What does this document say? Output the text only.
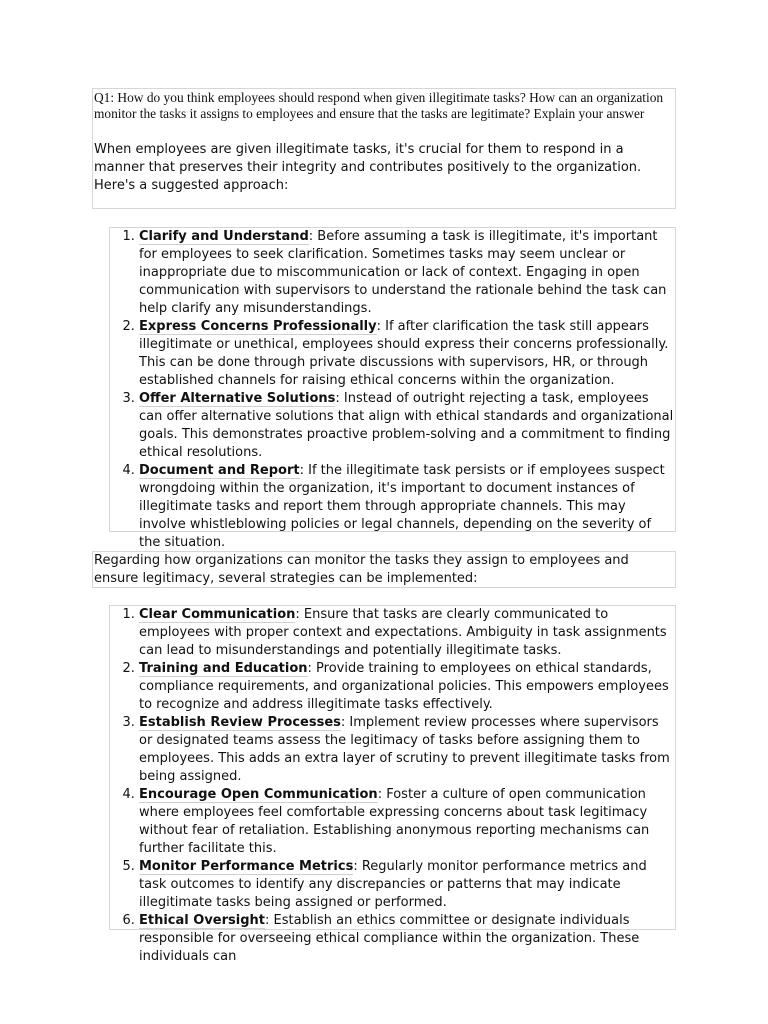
Q1: How do you think employees should respond when given illegitimate tasks? How can an organization monitor the tasks it assigns to employees and ensure that the tasks are legitimate? Explain your answer
When employees are given illegitimate tasks, it's crucial for them to respond in a manner that preserves their integrity and contributes positively to the organization. Here's a suggested approach:
1. Clarify and Understand: Before assuming a task is illegitimate, it's important for employees to seek clarification. Sometimes tasks may seem unclear or inappropriate due to miscommunication or lack of context. Engaging in open communication with supervisors to understand the rationale behind the task can help clarify any misunderstandings.
2. Express Concerns Professionally: If after clarification the task still appears illegitimate or unethical, employees should express their concerns professionally. This can be done through private discussions with supervisors, HR, or through established channels for raising ethical concerns within the organization.
3. Offer Alternative Solutions: Instead of outright rejecting a task, employees can offer alternative solutions that align with ethical standards and organizational goals. This demonstrates proactive problem-solving and a commitment to finding ethical resolutions.
4. Document and Report: If the illegitimate task persists or if employees suspect wrongdoing within the organization, it's important to document instances of illegitimate tasks and report them through appropriate channels. This may involve whistleblowing policies or legal channels, depending on the severity of the situation.
Regarding how organizations can monitor the tasks they assign to employees and ensure legitimacy, several strategies can be implemented:
1. Clear Communication: Ensure that tasks are clearly communicated to employees with proper context and expectations. Ambiguity in task assignments can lead to misunderstandings and potentially illegitimate tasks.
2. Training and Education: Provide training to employees on ethical standards, compliance requirements, and organizational policies. This empowers employees to recognize and address illegitimate tasks effectively.
3. Establish Review Processes: Implement review processes where supervisors or designated teams assess the legitimacy of tasks before assigning them to employees. This adds an extra layer of scrutiny to prevent illegitimate tasks from being assigned.
4. Encourage Open Communication: Foster a culture of open communication where employees feel comfortable expressing concerns about task legitimacy without fear of retaliation. Establishing anonymous reporting mechanisms can further facilitate this.
5. Monitor Performance Metrics: Regularly monitor performance metrics and task outcomes to identify any discrepancies or patterns that may indicate illegitimate tasks being assigned or performed.
6. Ethical Oversight: Establish an ethics committee or designate individuals responsible for overseeing ethical compliance within the organization. These individuals can
